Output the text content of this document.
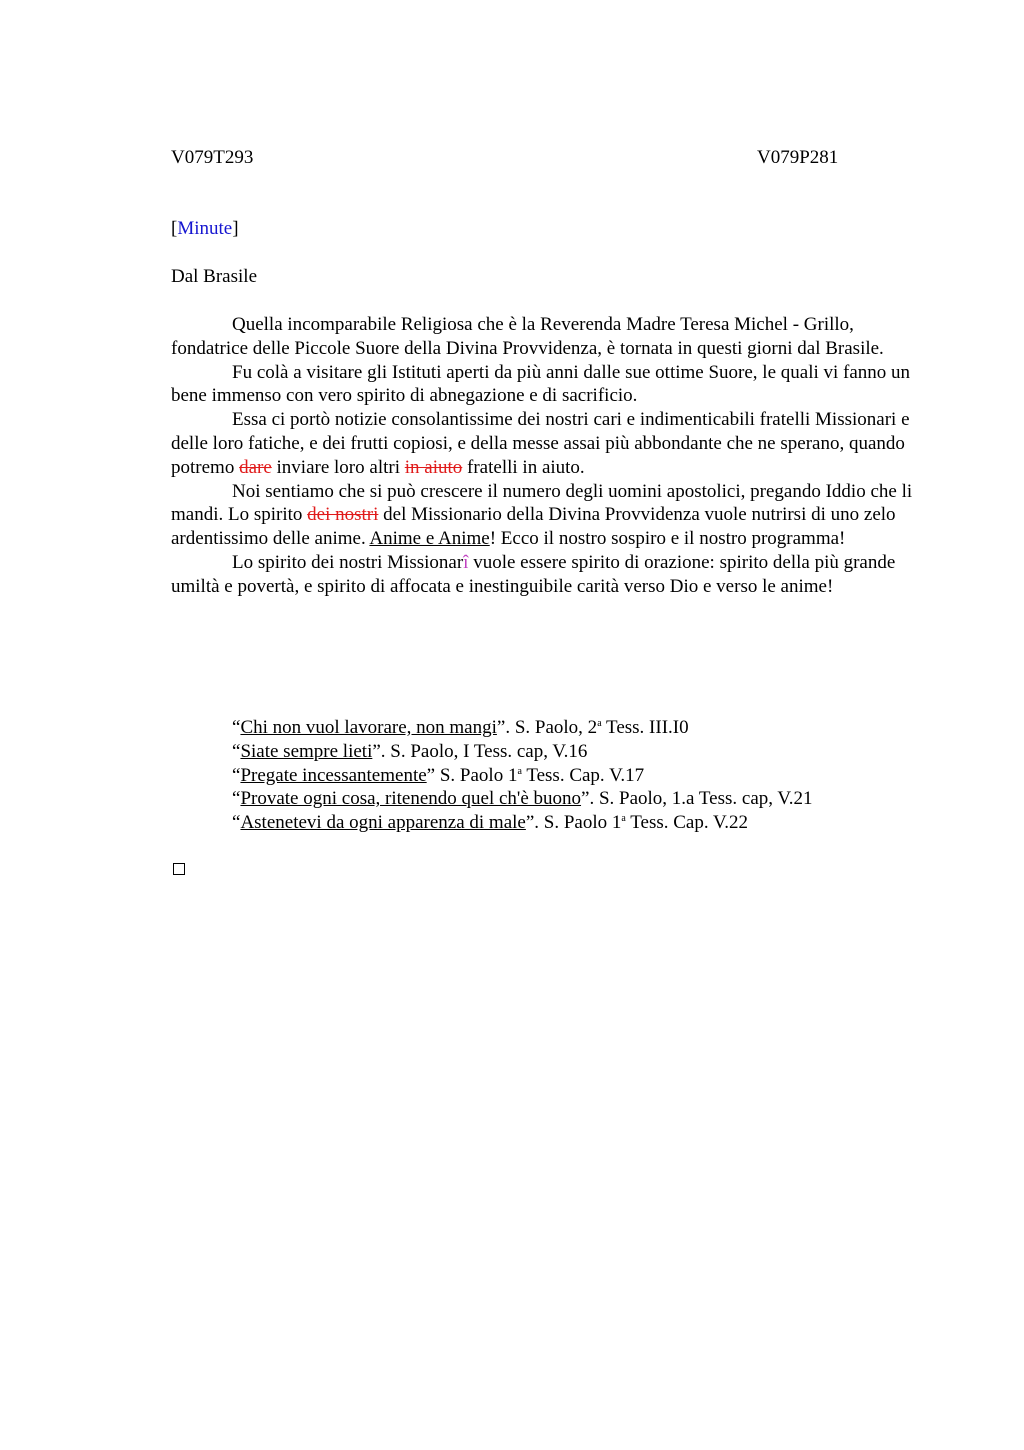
V079T293	V079P281
[Minute]
Dal Brasile

Quella incomparabile Religiosa che è la Reverenda Madre Teresa Michel - Grillo, fondatrice delle Piccole Suore della Divina Provvidenza, è tornata in questi giorni dal Brasile.

Fu colà a visitare gli Istituti aperti da più anni dalle sue ottime Suore, le quali vi fanno un bene immenso con vero spirito di abnegazione e di sacrificio.

Essa ci portò notizie consolantissime dei nostri cari e indimenticabili fratelli Missionari e delle loro fatiche, e dei frutti copiosi, e della messe assai più abbondante che ne sperano, quando potremo dare inviare loro altri in aiuto fratelli in aiuto.

Noi sentiamo che si può crescere il numero degli uomini apostolici, pregando Iddio che li mandi. Lo spirito dei nostri del Missionario della Divina Provvidenza vuole nutrirsi di uno zelo ardentissimo delle anime. Anime e Anime! Ecco il nostro sospiro e il nostro programma!

Lo spirito dei nostri Missionarî vuole essere spirito di orazione: spirito della più grande umiltà e povertà, e spirito di affocata e inestinguibile carità verso Dio e verso le anime!

“Chi non vuol lavorare, non mangi”. S. Paolo, 2$^a$ Tess. III.I0
“Siate sempre lieti”. S. Paolo, I Tess. cap, V.16
“Pregate incessantemente” S. Paolo 1$^a$ Tess. Cap. V.17
“Provate ogni cosa, ritenendo quel ch'è buono”. S. Paolo, 1.a Tess. cap, V.21
“Astenetevi da ogni apparenza di male”. S. Paolo 1$^a$ Tess. Cap. V.22
